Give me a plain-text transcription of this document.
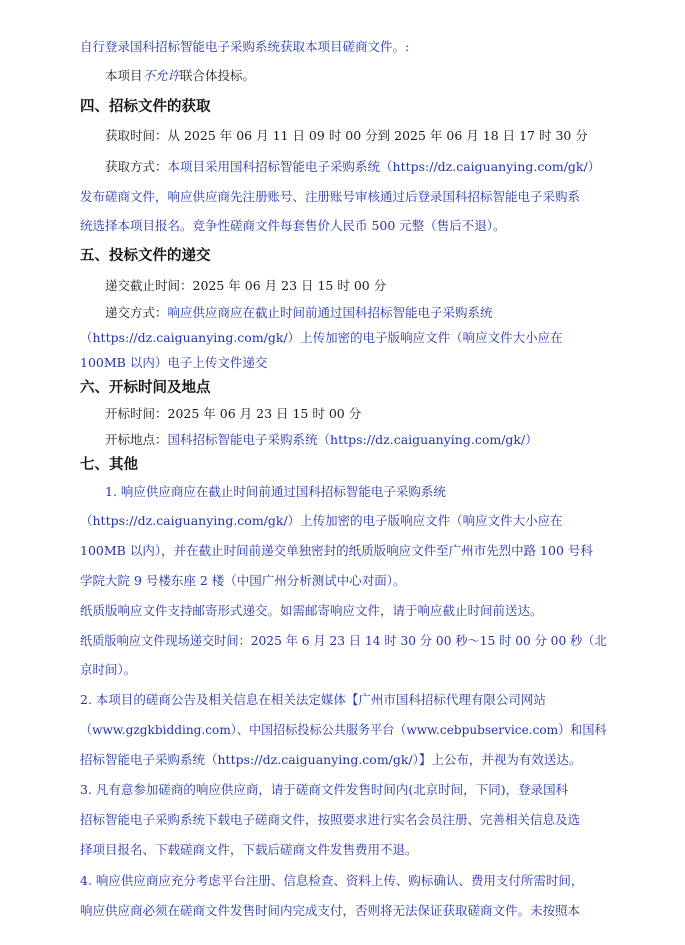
自行登录国科招标智能电子采购系统获取本项目磋商文件。:
本项目不允许联合体投标。
四、招标文件的获取
获取时间：从 2025 年 06 月 11 日 09 时 00 分到 2025 年 06 月 18 日 17 时 30 分
获取方式：本项目采用国科招标智能电子采购系统（https://dz.caiguanying.com/gk/）
发布磋商文件，响应供应商先注册账号、注册账号审核通过后登录国科招标智能电子采购系
统选择本项目报名。竞争性磋商文件每套售价人民币 500 元整（售后不退）。
五、投标文件的递交
递交截止时间：2025 年 06 月 23 日 15 时 00 分
递交方式：响应供应商应在截止时间前通过国科招标智能电子采购系统
（https://dz.caiguanying.com/gk/）上传加密的电子版响应文件（响应文件大小应在
100MB 以内）电子上传文件递交
六、开标时间及地点
开标时间：2025 年 06 月 23 日 15 时 00 分
开标地点：国科招标智能电子采购系统（https://dz.caiguanying.com/gk/）
七、其他
1. 响应供应商应在截止时间前通过国科招标智能电子采购系统
（https://dz.caiguanying.com/gk/）上传加密的电子版响应文件（响应文件大小应在
100MB 以内），并在截止时间前递交单独密封的纸质版响应文件至广州市先烈中路 100 号科
学院大院 9 号楼东座 2 楼（中国广州分析测试中心对面）。
纸质版响应文件支持邮寄形式递交。如需邮寄响应文件，请于响应截止时间前送达。
纸质版响应文件现场递交时间：2025 年 6 月 23 日 14 时 30 分 00 秒～15 时 00 分 00 秒（北
京时间）。
2. 本项目的磋商公告及相关信息在相关法定媒体【广州市国科招标代理有限公司网站
（www.gzgkbidding.com）、中国招标投标公共服务平台（www.cebpubservice.com）和国科
招标智能电子采购系统（https://dz.caiguanying.com/gk/）】上公布，并视为有效送达。
3. 凡有意参加磋商的响应供应商，请于磋商文件发售时间内(北京时间，下同)，登录国科
招标智能电子采购系统下载电子磋商文件，按照要求进行实名会员注册、完善相关信息及选
择项目报名、下载磋商文件，下载后磋商文件发售费用不退。
4. 响应供应商应充分考虑平台注册、信息检查、资料上传、购标确认、费用支付所需时间，
响应供应商必须在磋商文件发售时间内完成支付，否则将无法保证获取磋商文件。未按照本
